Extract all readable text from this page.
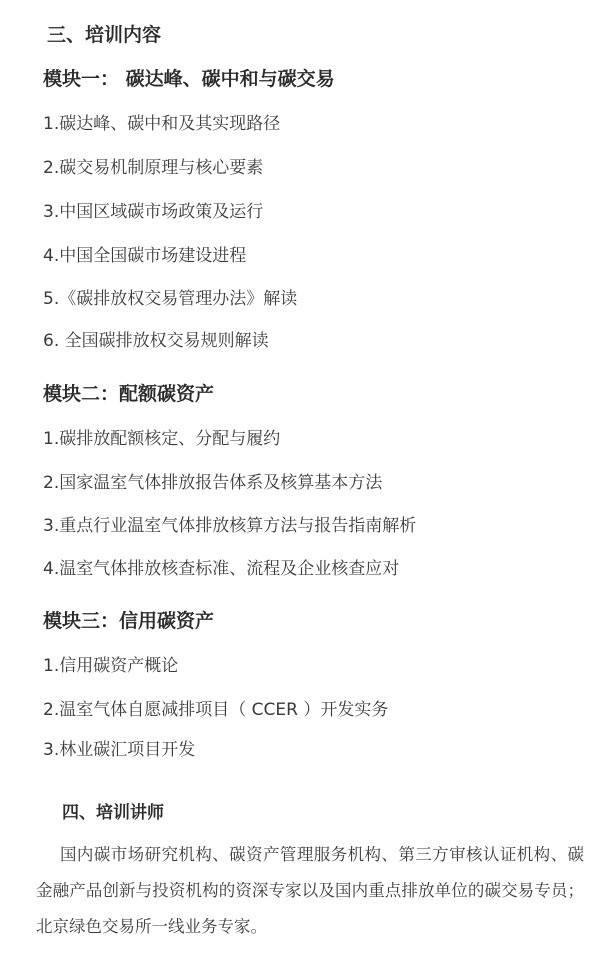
三、培训内容
模块一： 碳达峰、碳中和与碳交易
1.碳达峰、碳中和及其实现路径
2.碳交易机制原理与核心要素
3.中国区域碳市场政策及运行
4.中国全国碳市场建设进程
5.《碳排放权交易管理办法》解读
6. 全国碳排放权交易规则解读
模块二：配额碳资产
1.碳排放配额核定、分配与履约
2.国家温室气体排放报告体系及核算基本方法
3.重点行业温室气体排放核算方法与报告指南解析
4.温室气体排放核查标准、流程及企业核查应对
模块三：信用碳资产
1.信用碳资产概论
2.温室气体自愿减排项目（ CCER ）开发实务
3.林业碳汇项目开发
四、培训讲师
国内碳市场研究机构、碳资产管理服务机构、第三方审核认证机构、碳金融产品创新与投资机构的资深专家以及国内重点排放单位的碳交易专员；北京绿色交易所一线业务专家。
